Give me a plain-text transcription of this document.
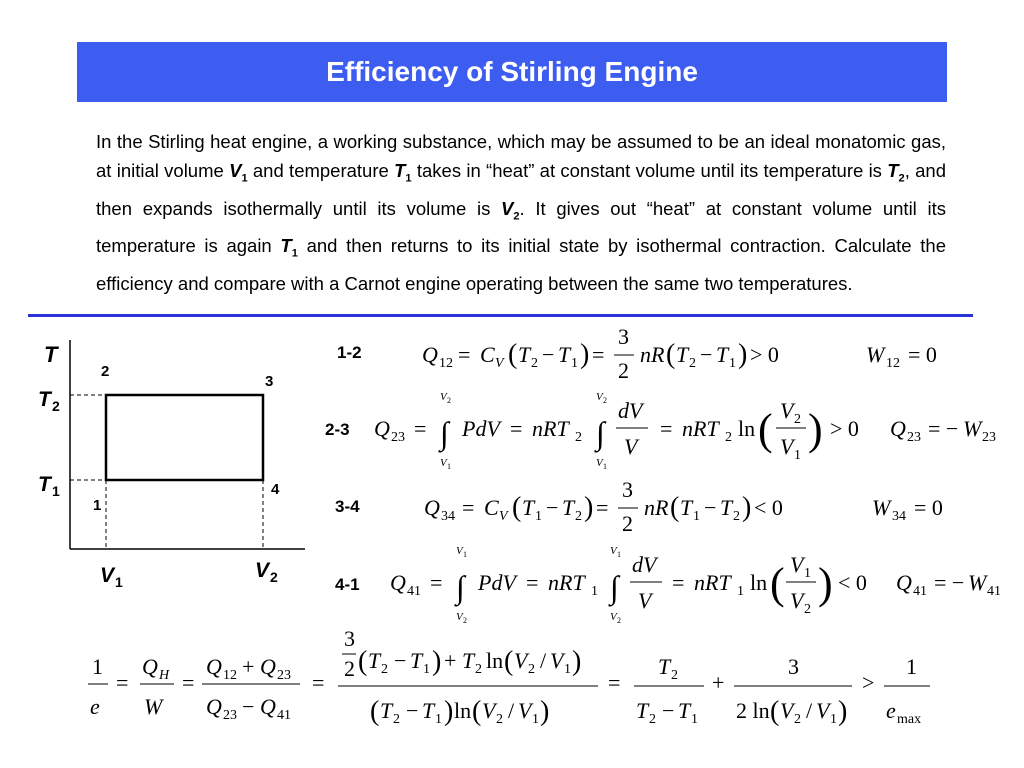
Efficiency of Stirling Engine
In the Stirling heat engine, a working substance, which may be assumed to be an ideal monatomic gas, at initial volume $V_1$ and temperature $T_1$ takes in “heat” at constant volume until its temperature is $T_2$, and then expands isothermally until its volume is $V_2$. It gives out “heat” at constant volume until its temperature is again $T_1$ and then returns to its initial state by isothermal contraction. Calculate the efficiency and compare with a Carnot engine operating between the same two temperatures.
T
T 2
T 1
2
3
1
4
V 1	V 2
1-2
2-3
3-4
4-1
Q 12 = C V ( T 2 − T 1 ) =
3
2
nR ( T 2 − T 1 ) > 0	W 12 = 0
Q 23 =
V 2
∫
V 1
PdV = nRT 2
V 2
∫
V 1
dV
V
= nRT 2 ln ( V 2
V 1
) > 0 Q 23 = − W 23
Q 34 = C V ( T 1 − T 2 ) =
3
2
nR ( T 1 − T 2 ) < 0	W 34 = 0
Q 41 =
V 1
∫
V 2
PdV = nRT 1
V 1
∫
V 2
dV
V
= nRT 1 ln ( V 1
V 2
) < 0 Q 41 = − W 41
1
e
=
Q H
W
=
Q 12 + Q 23
Q 23 − Q 41
=
3
2 ( T 2 − T 1 ) + T 2 ln ( V 2 / V 1 )
( T 2 − T 1 ) ln ( V 2 / V 1 )
=
T 2
T 2 − T 1
+
3
2 ln ( V 2 / V 1 )
>
1
e max
